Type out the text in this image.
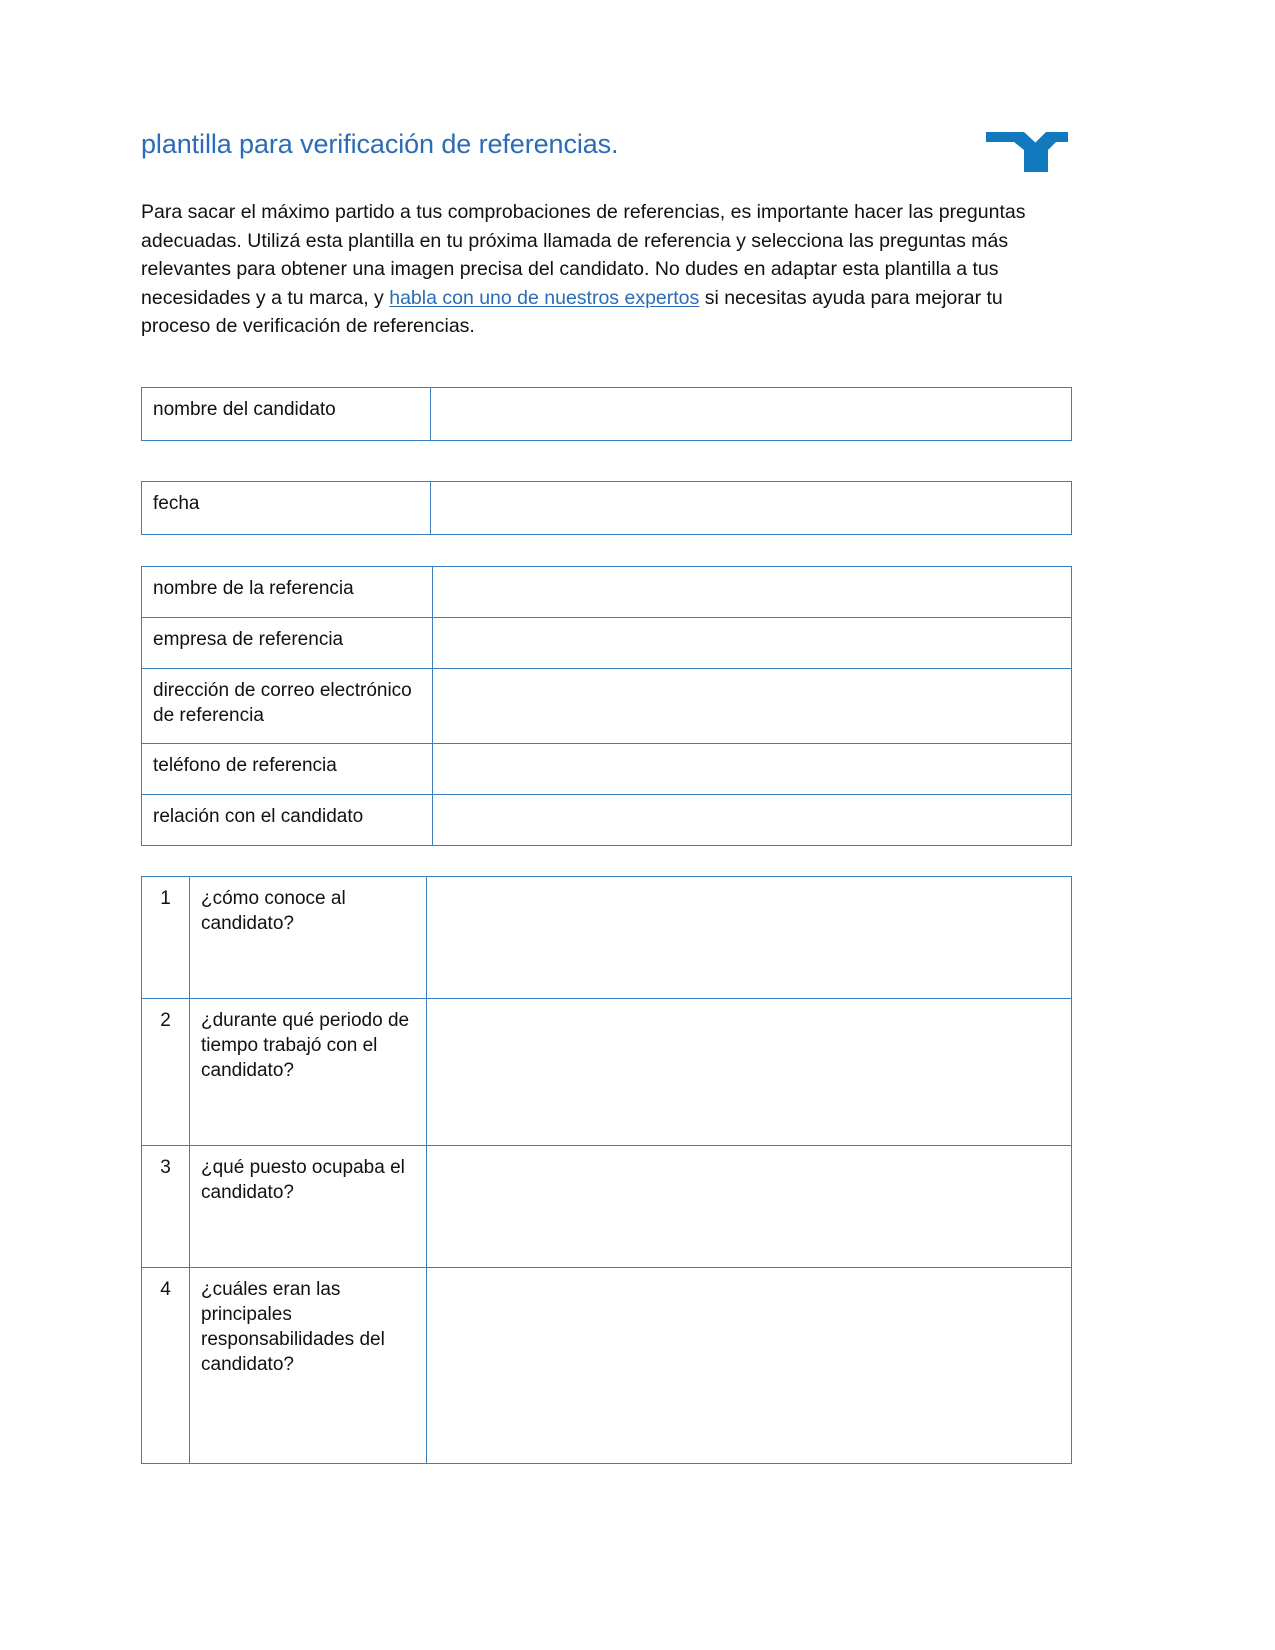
plantilla para verificación de referencias.

Para sacar el máximo partido a tus comprobaciones de referencias, es importante hacer las preguntas adecuadas. Utilizá esta plantilla en tu próxima llamada de referencia y selecciona las preguntas más relevantes para obtener una imagen precisa del candidato. No dudes en adaptar esta plantilla a tus necesidades y a tu marca, y habla con uno de nuestros expertos si necesitas ayuda para mejorar tu proceso de verificación de referencias.

nombre del candidato	
fecha	
nombre de la referencia	
empresa de referencia	
dirección de correo electrónico de referencia	
teléfono de referencia	
relación con el candidato	
1	¿cómo conoce al candidato?	
2	¿durante qué periodo de tiempo trabajó con el candidato?	
3	¿qué puesto ocupaba el candidato?	
4	¿cuáles eran las principales responsabilidades del candidato?	
